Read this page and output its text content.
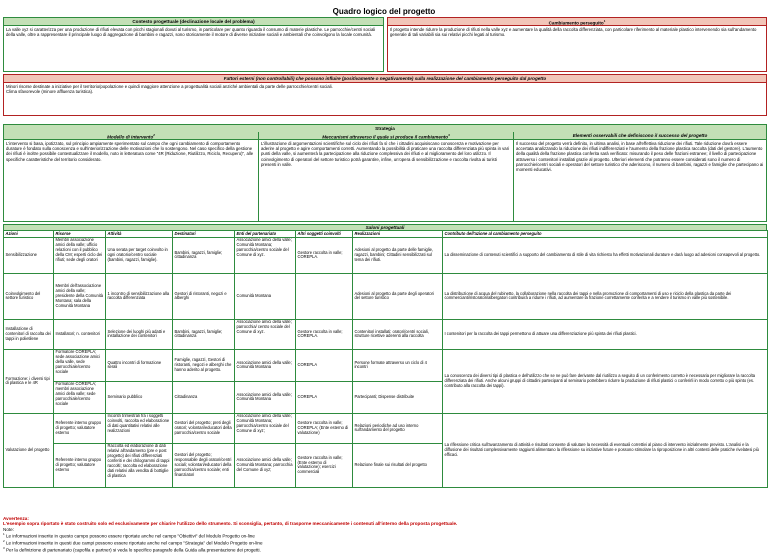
Quadro logico del progetto
Contesto progettuale (declinazione locale del problema)
La valle xyz si caratterizza per una produzione di rifiuti elevata con picchi stagionali dovuti al turismo, in particolare per quanto riguarda il consumo di materie plastiche. Le parrocchie/centri sociali della valle, oltre a rappresentare il principale luogo di aggregazione di bambini e ragazzi, sono storicamente il motore di diverse iniziative sociali e ambientali che coinvolgono la locale comunità.
Cambiamento perseguito$^1$
Il progetto intende ridurre la produzione di rifiuti nella valle xyz e aumentare la qualità della raccolta differenziata, con particolare riferimento al materiale plastico intervenendo sia sull'andamento generale di tali variabili sia sui relativi picchi legati al turismo.
Fattori esterni (non controllabili) che possono influire (positivamente o negativamente) sulla realizzazione del cambiamento perseguito dal progetto
Minori risorse destinate a iniziative per il territorio/popolazione e quindi maggiore attenzione a progettualità sociali anziché ambientali da parte delle parrocchie/centri sociali.
Clima sfavorevole (minore affluenza turistica).
Strategia
Modello di intervento$^2$
L'intervento si basa, ipotizzato, sul principio ampiamente sperimentato sul campo che ogni cambiamento di comportamento durature è fondato sulla conoscenza e sull'interiorizzazione delle motivazioni che lo sostengono. Nel caso specifico della gestione dei rifiuti è inoltre possibile contestualizzare il modello, noto in letteratura come "4R (Riduzione, Riutilizzo, Riciclo, Recupero)", alle specifiche caratteristiche del territorio considerato.
Meccanismi attraverso il quale si produce il cambiamento$^3$
L'illustrazione di argomentazioni scientifiche sul ciclo dei rifiuti fa sì che i cittadini acquisiscano conoscenza e motivazione per aderire al progetto e agire comportamenti corretti. Aumentando la possibilità di praticare una raccolta differenziata più spinta in vari punti della valle, si aumenterà la partecipazione alla riduzione complessiva dei rifiuti e al miglioramento del loro utilizzo. Il coinvolgimento di operatori del settore turistico potrà garantire, infine, un'opera di sensibilizzazione e raccolta rivolta ai turisti presenti in valle.
Elementi osservabili che definiscono il successo del progetto
Il successo del progetto verrà definito, in ultima analisi, in base all'effettiva riduzione dei rifiuti. Tale riduzione dovrà essere accertata analizzando la riduzione dei rifiuti indifferenziati e l'aumento della frazione plastica raccolta (dati del gestore). L'aumento della qualità della frazione plastica conferita sarà verificato: misurando il peso delle frazioni estranee; il livello di partecipazione attraverso i contenitori installati grazie al progetto. Ulteriori elementi che potranno essere considerati sono il numero di parrocchie/centri sociali e operatori del settore turistico che aderiscono, il numero di bambini, ragazzi e famiglie che partecipano ai momenti educativi.
Saloni progettuali
Azioni	Risorse	Attività	Destinatari	Enti del partenariato	Altri soggetti coinvolti	Realizzazioni	Contributo dell'azione al cambiamento perseguito
Sensibilizzazione	Membri associazione amici della valle; ufficio relazioni con il pubblico della CM; esperti ciclo dei rifiuti; sede degli oratori	Una serata per target coinvolto in ogni oratorio/centro sociale (bambini, ragazzi, famiglie).	Bambini, ragazzi, famiglie; cittadinanza	Associazione amici della valle; Comunità Montana; parrocchia/centro sociale del Comune di xyz.	Gestore raccolta in valle; COREPLA.	Adesioni al progetto da parte delle famiglie, ragazzi, bambini; Cittadini sensibilizzati sul tema dei rifiuti.	La disseminazione di contenuti scientifici a supporto del cambiamento di stile di vita richiesto ha effetti motivazionali durature e darà luogo ad adesioni consapevoli al progetto.
Coinvolgimento del settore turistico	Membri dell'associazione amici della valle; presidente della Comunità Montana; sala della Comunità Montana	1 incontro di sensibilizzazione alla raccolta differenziata	Gestori di ristoranti, negozi e alberghi	Comunità Montana		Adesioni al progetto da parte degli operatori del settore turistico	La distribuzione di acqua del rubinetto, la collaborazione nella raccolta dei tappi e nella promozione di comportamenti di uso e riciclo della plastica da parte dei commercianti/ristoratori/albergatori contribuirà a ridurre i rifiuti, ad aumentare la frazione correttamente conferita e a rendere il turismo in valle più sostenibile.
Installazione di contenitori di raccolta dei tappi in polietilene	Installatori; n. contenitori	Selezione dei luoghi più adatti e installazione dei contenitori	Bambini, ragazzi, famiglie; cittadinanza	Associazione amici della valle; parrocchia/ centro sociale del Comune di xyz.	Gestore raccolta in valle; COREPLA.	Contenitori installati: oratori/centri sociali, strutture ricettive aderenti alla raccolta	I contenitori per la raccolta dei tappi permettono di attuare una differenziazione più spinta dei rifiuti plastici.
Formazione: i diversi tipi di plastica e le 4R	Formatore COREPLA; sede associazione amici della valle, sede parrocchiale/centro sociale	Quattro incontri di formazione serali	Famiglie, ragazzi, Gestori di ristoranti, negozi e alberghi che hanno aderito al progetto.	Associazione amici della valle; Comunità Montana	COREPLA	Persone formate attraverso un ciclo di 4 incontri	La conoscenza dei diversi tipi di plastica e dell'utilizzo che se ne può fare derivante dal riutilizzo a seguito di un conferimento corretto è necessaria per migliorare la raccolta differenziata dei rifiuti. Anche alcuni gruppi di cittadini partecipanti al seminario potrebbero ridurre la produzione di rifiuti plastici o conferirli in modo corretto o più spinto (es. contributo alla raccolta dei tappi).
	Formatore COREPLA; membri associazione amici della valle; sede parrocchiale/centro sociale	Seminario pubblico	Cittadinanza	Associazione amici della valle; Comunità Montana	COREPLA	Partecipanti; Dispense distribuite	
Valutazione del progetto	Referente interno gruppo di progetto; valutatore esterno	Incontri trimestrali fra i soggetti coinvolti, raccolta ed elaborazione di dati quantitativi relativi alle realizzazioni	Gestori del progetto; preti degli oratori; volontari/educatori della parrocchia/centro sociale	Associazione amici della valle; Comunità Montana; parrocchia/centro sociale del Comune di xyz;	Gestore raccolta in valle; COREPLA; (Ente esterno di valutazione)	Relazioni periodiche ad uso interno sull'andamento del progetto	La riflessione critica sull'avanzamento di attività e risultati consente di valutare la necessità di eventuali correttivi al piano di intervento inizialmente previsto. L'analisi e la diffusione dei risultati complessivamente raggiunti alimentano la riflessione su iniziative future e possono stimolare la riproposizione in altri contesti delle pratiche rivelatesi più efficaci.
	Referente interno gruppo di progetto; valutatore esterno	Raccolta ed elaborazione di dati relativi all'andamento (pre e post progetto) dei rifiuti differenziati conferiti e dei chilogrammi di tappi raccolti; raccolta ed elaborazione dati relativi alla vendita di bottiglie di plastica	Gestori del progetto; responsabile degli oratori/centri sociali; volontari/educatori della parrocchia/centro sociale; enti finanziatori	Associazione amici della valle; Comunità Montana; parrocchia del Comune di xyz;	Gestore raccolta in valle; (Ente esterno di valutazione); esercizi commerciali	Relazione finale sui risultati del progetto	
Avvertenza:
L'esempio sopra riportato è stato costruito solo ed esclusivamente per chiarire l'utilizzo dello strumento. Si sconsiglia, pertanto, di trasporne meccanicamente i contenuti all'interno della proposta progettuale.
Note:
$^1$ Le informazioni inserite in questo campo possono essere riportate anche nel campo "Obiettivi" del Modulo Progetto on-line
$^2$ Le informazioni inserite in questi due campi possono essere riportate anche nel campo "Strategia" del Modulo Progetto on-line
$^3$ Per la definizione di partenariato (capofila e partner) si veda lo specifico paragrafo della Guida alla presentazione dei progetti.
